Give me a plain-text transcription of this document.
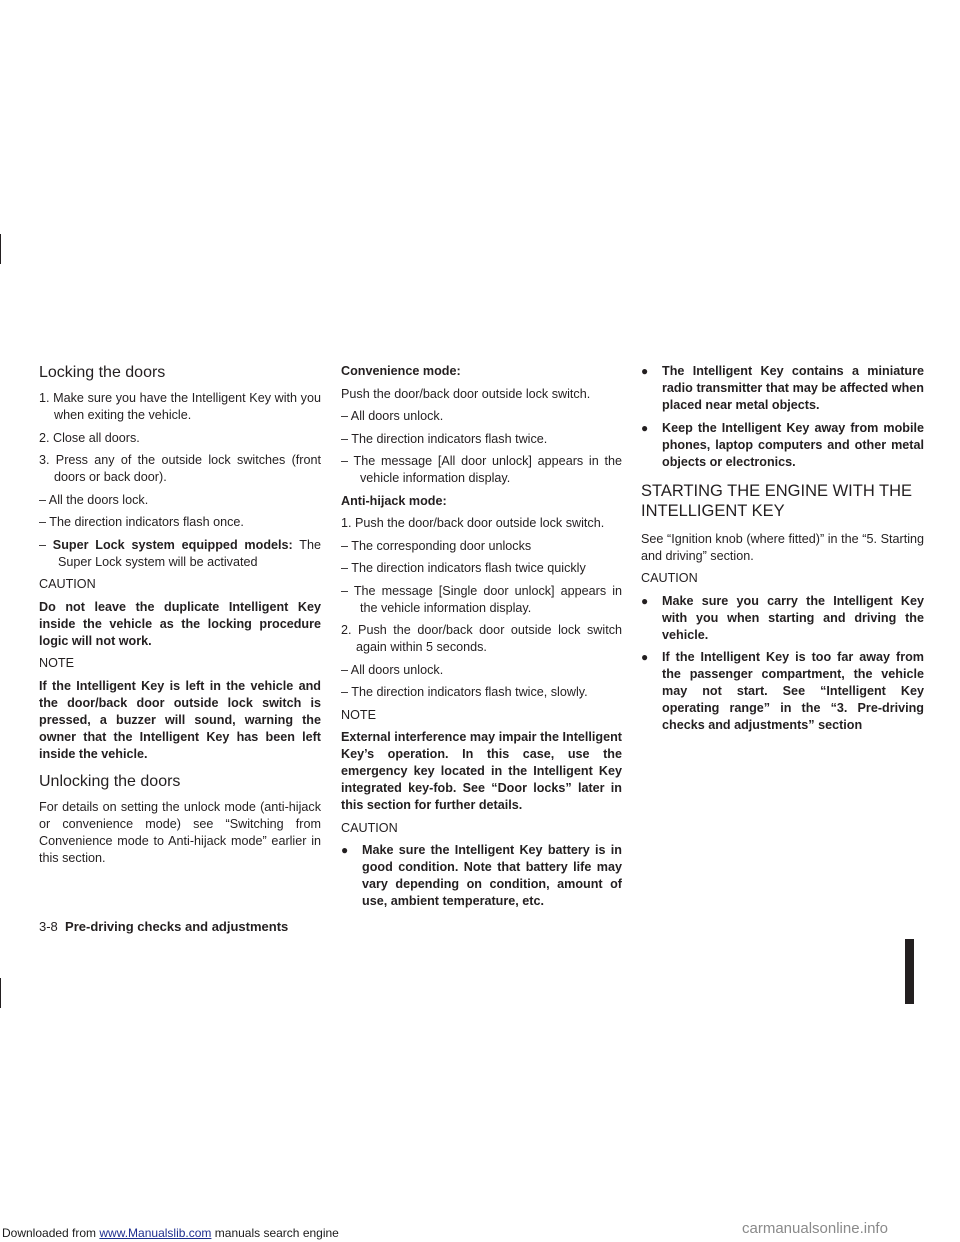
Locking the doors

1. Make sure you have the Intelligent Key with you when exiting the vehicle.

2. Close all doors.

3. Press any of the outside lock switches (front doors or back door).

– All the doors lock.

– The direction indicators flash once.

– Super Lock system equipped models: The Super Lock system will be activated

CAUTION

Do not leave the duplicate Intelligent Key inside the vehicle as the locking procedure logic will not work.

NOTE

If the Intelligent Key is left in the vehicle and the door/back door outside lock switch is pressed, a buzzer will sound, warning the owner that the Intelligent Key has been left inside the vehicle.

Unlocking the doors

For details on setting the unlock mode (anti-hijack or convenience mode) see “Switching from Convenience mode to Anti-hijack mode” earlier in this section.

Convenience mode:

Push the door/back door outside lock switch.

– All doors unlock.

– The direction indicators flash twice.

– The message [All door unlock] appears in the vehicle information display.

Anti-hijack mode:

1. Push the door/back door outside lock switch.

– The corresponding door unlocks

– The direction indicators flash twice quickly

– The message [Single door unlock] appears in the vehicle information display.

2. Push the door/back door outside lock switch again within 5 seconds.

– All doors unlock.

– The direction indicators flash twice, slowly.

NOTE

External interference may impair the Intelligent Key’s operation. In this case, use the emergency key located in the Intelligent Key integrated key-fob. See “Door locks” later in this section for further details.

CAUTION

● Make sure the Intelligent Key battery is in good condition. Note that battery life may vary depending on condition, amount of use, ambient temperature, etc.
● The Intelligent Key contains a miniature radio transmitter that may be affected when placed near metal objects.
● Keep the Intelligent Key away from mobile phones, laptop computers and other metal objects or electronics.
STARTING THE ENGINE WITH THE INTELLIGENT KEY

See “Ignition knob (where fitted)” in the “5. Starting and driving” section.

CAUTION

● Make sure you carry the Intelligent Key with you when starting and driving the vehicle.
● If the Intelligent Key is too far away from the passenger compartment, the vehicle may not start. See “Intelligent Key operating range” in the “3. Pre-driving checks and adjustments” section
3-8 Pre-driving checks and adjustments
Downloaded from www.Manualslib.com manuals search engine	carmanualsonline.info
